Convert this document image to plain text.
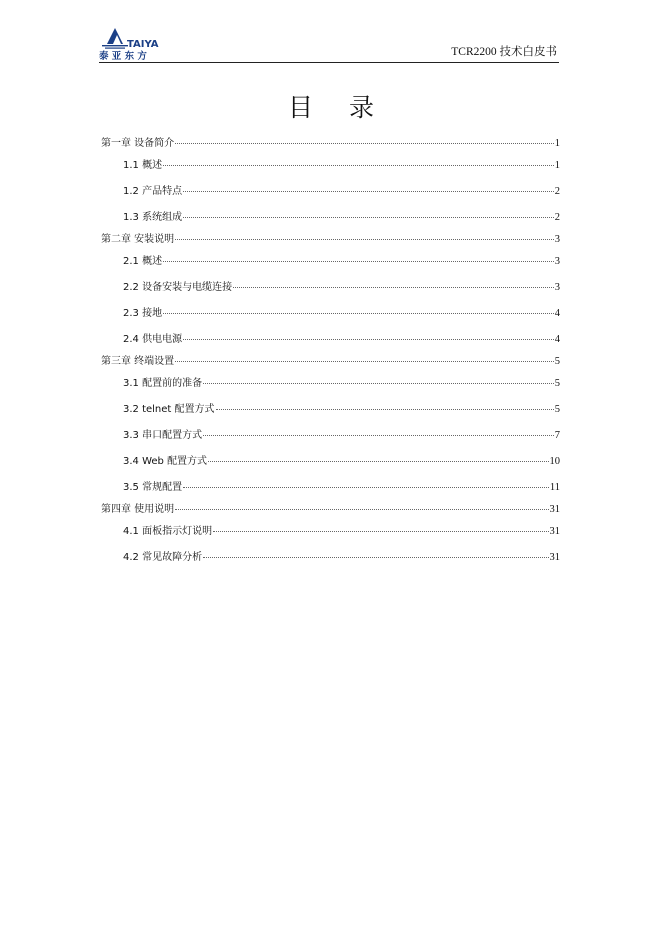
TAIYA
泰 亚 东 方	TCR2200 技术白皮书
目 录
第一章 设备简介	1
1.1 概述	1
1.2 产品特点	2
1.3 系统组成	2
第二章 安装说明	3
2.1 概述	3
2.2 设备安装与电缆连接	3
2.3 接地	4
2.4 供电电源	4
第三章 终端设置	5
3.1 配置前的准备	5
3.2 telnet 配置方式	5
3.3 串口配置方式	7
3.4 Web 配置方式	10
3.5 常规配置	11
第四章 使用说明	31
4.1 面板指示灯说明	31
4.2 常见故障分析	31
